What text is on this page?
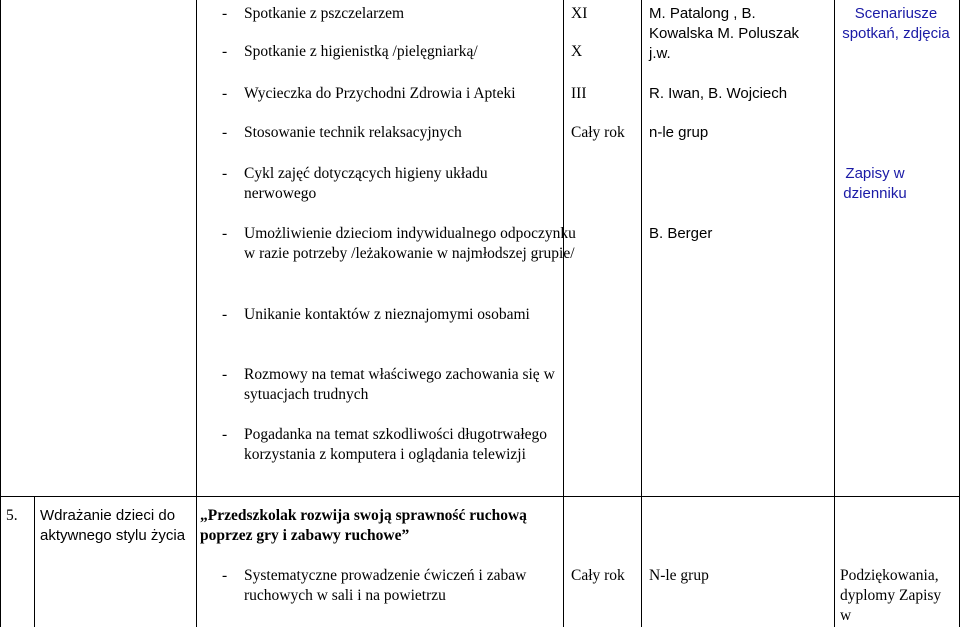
- Spotkanie z pszczelarzem
- Spotkanie z higienistką /pielęgniarką/
- Wycieczka do Przychodni Zdrowia i Apteki
- Stosowanie technik relaksacyjnych
- Cykl zajęć dotyczących higieny układu nerwowego
- Umożliwienie dzieciom indywidualnego odpoczynku w razie potrzeby /leżakowanie w najmłodszej grupie/
- Unikanie kontaktów z nieznajomymi osobami
- Rozmowy na temat właściwego zachowania się w sytuacjach trudnych
- Pogadanka na temat szkodliwości długotrwałego korzystania z komputera i oglądania telewizji
XI
X
III
Cały rok
M. Patalong , B. Kowalska M. Poluszak j.w.
R. Iwan, B. Wojciech
n-le grup
B. Berger
Scenariusze spotkań, zdjęcia
Zapisy w dzienniku
5. Wdrażanie dzieci do aktywnego stylu życia
„Przedszkolak rozwija swoją sprawność ruchową poprzez gry i zabawy ruchowe”
- Systematyczne prowadzenie ćwiczeń i zabaw ruchowych w sali i na powietrzu
Cały rok N-le grup	Podziękowania, dyplomy Zapisy w
